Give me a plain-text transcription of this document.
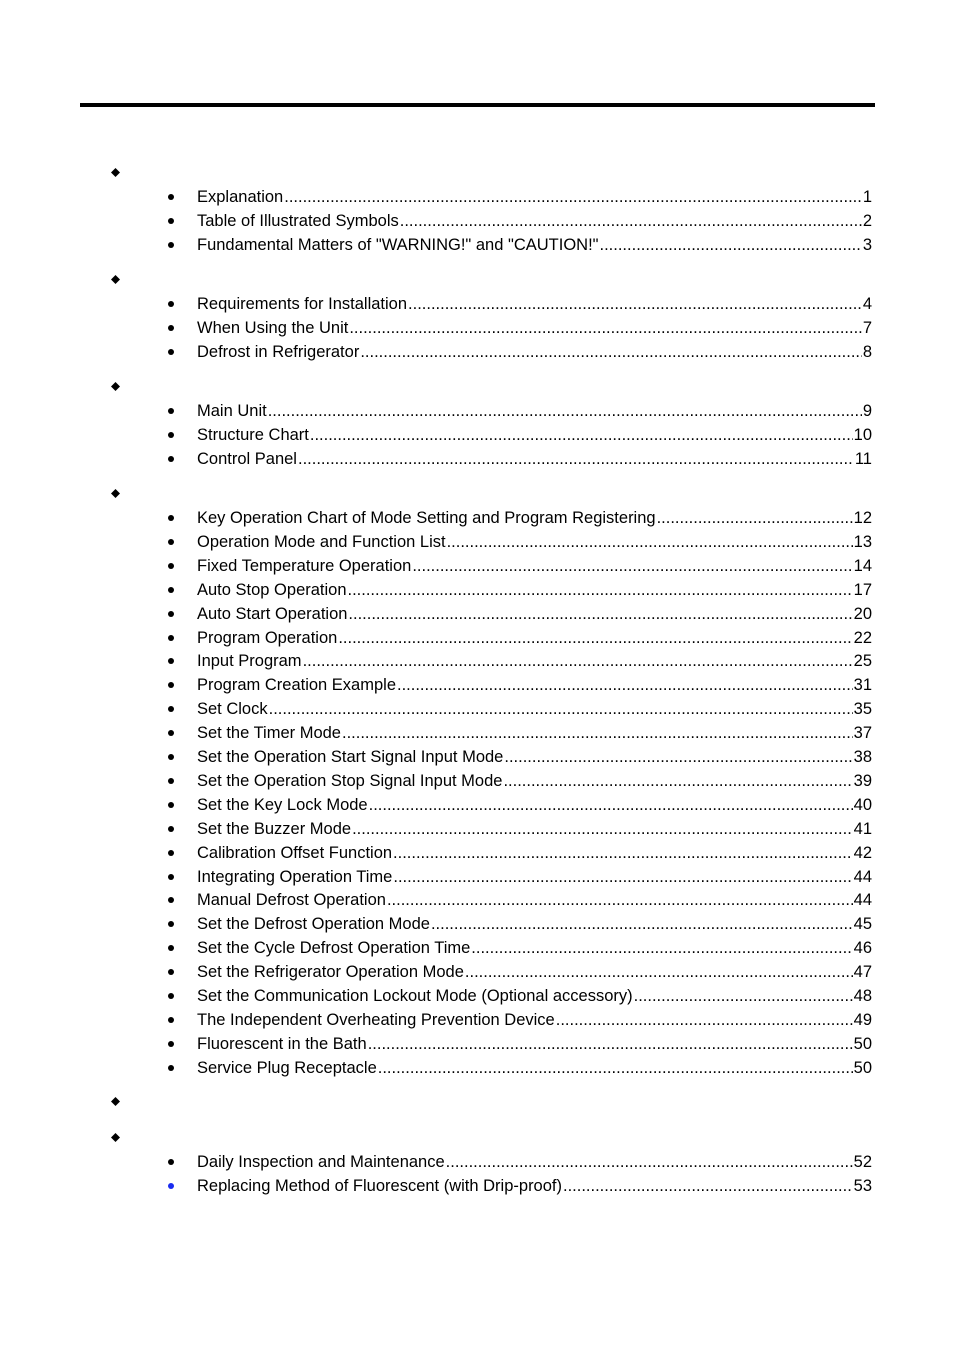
Explanation .....	1
Table of Illustrated Symbols .....	2
Fundamental Matters of "WARNING!" and "CAUTION!" .....	3
Requirements for Installation .....	4
When Using the Unit .....	7
Defrost in Refrigerator .....	8
Main Unit .....	9
Structure Chart .....	10
Control Panel .....	11
Key Operation Chart of Mode Setting and Program Registering .....	12
Operation Mode and Function List .....	13
Fixed Temperature Operation .....	14
Auto Stop Operation .....	17
Auto Start Operation .....	20
Program Operation .....	22
Input Program .....	25
Program Creation Example .....	31
Set Clock .....	35
Set the Timer Mode .....	37
Set the Operation Start Signal Input Mode .....	38
Set the Operation Stop Signal Input Mode .....	39
Set the Key Lock Mode .....	40
Set the Buzzer Mode .....	41
Calibration Offset Function .....	42
Integrating Operation Time .....	44
Manual Defrost Operation .....	44
Set the Defrost Operation Mode .....	45
Set the Cycle Defrost Operation Time .....	46
Set the Refrigerator Operation Mode .....	47
Set the Communication Lockout Mode (Optional accessory) .....	48
The Independent Overheating Prevention Device .....	49
Fluorescent in the Bath .....	50
Service Plug Receptacle .....	50
Daily Inspection and Maintenance .....	52
Replacing Method of Fluorescent (with Drip-proof) .....	53
